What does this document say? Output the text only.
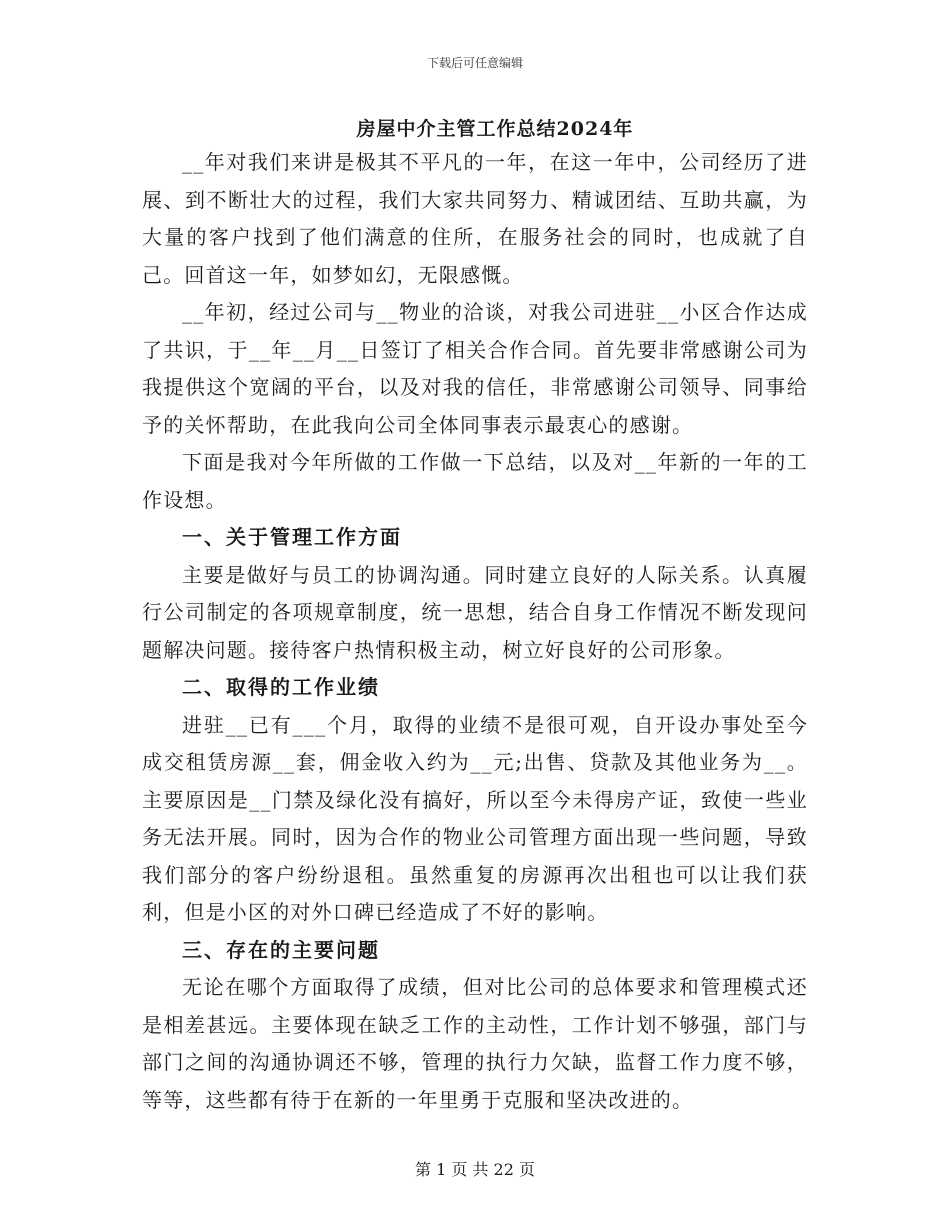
下载后可任意编辑
房屋中介主管工作总结2024年

__年对我们来讲是极其不平凡的一年，在这一年中，公司经历了进展、到不断壮大的过程，我们大家共同努力、精诚团结、互助共赢，为大量的客户找到了他们满意的住所，在服务社会的同时，也成就了自己。回首这一年，如梦如幻，无限感慨。

__年初，经过公司与__物业的洽谈，对我公司进驻__小区合作达成了共识，于__年__月__日签订了相关合作合同。首先要非常感谢公司为我提供这个宽阔的平台，以及对我的信任，非常感谢公司领导、同事给予的关怀帮助，在此我向公司全体同事表示最衷心的感谢。

下面是我对今年所做的工作做一下总结，以及对__年新的一年的工作设想。

一、关于管理工作方面

主要是做好与员工的协调沟通。同时建立良好的人际关系。认真履行公司制定的各项规章制度，统一思想，结合自身工作情况不断发现问题解决问题。接待客户热情积极主动，树立好良好的公司形象。

二、取得的工作业绩

进驻__已有___个月，取得的业绩不是很可观，自开设办事处至今成交租赁房源__套，佣金收入约为__元;出售、贷款及其他业务为__。主要原因是__门禁及绿化没有搞好，所以至今未得房产证，致使一些业务无法开展。同时，因为合作的物业公司管理方面出现一些问题，导致我们部分的客户纷纷退租。虽然重复的房源再次出租也可以让我们获利，但是小区的对外口碑已经造成了不好的影响。

三、存在的主要问题

无论在哪个方面取得了成绩，但对比公司的总体要求和管理模式还是相差甚远。主要体现在缺乏工作的主动性，工作计划不够强，部门与部门之间的沟通协调还不够，管理的执行力欠缺，监督工作力度不够，等等，这些都有待于在新的一年里勇于克服和坚决改进的。

第 1 页 共 22 页
